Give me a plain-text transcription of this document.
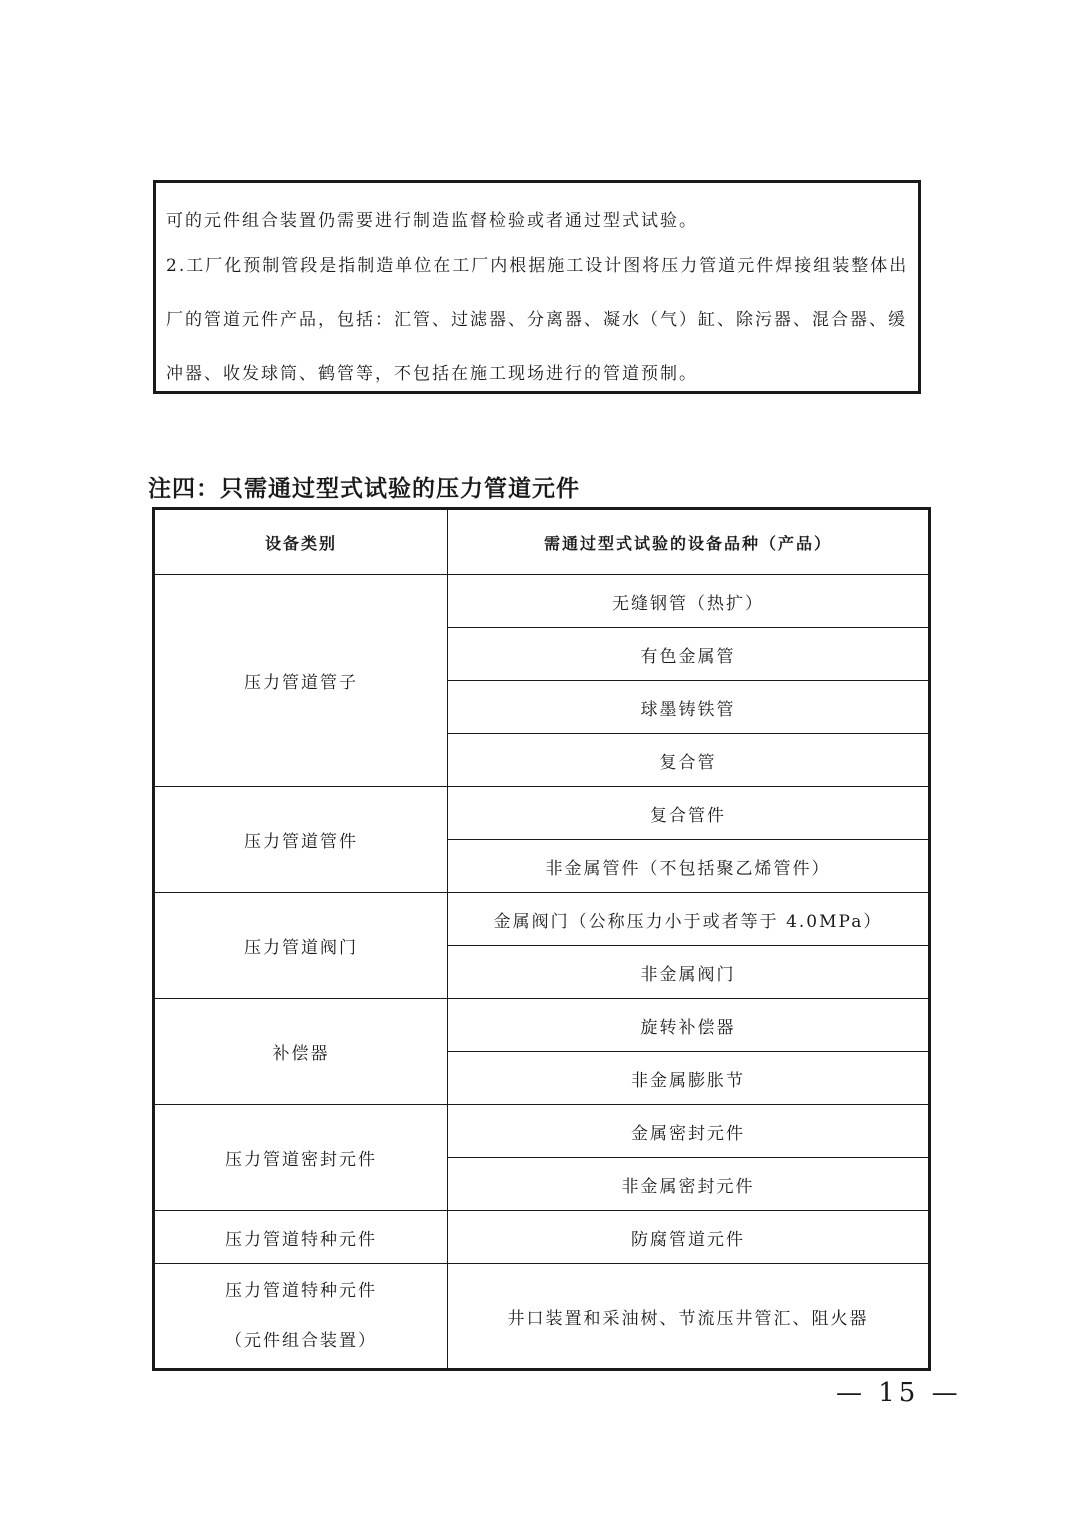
可的元件组合装置仍需要进行制造监督检验或者通过型式试验。

2.工厂化预制管段是指制造单位在工厂内根据施工设计图将压力管道元件焊接组装整体出

厂的管道元件产品，包括：汇管、过滤器、分离器、凝水（气）缸、除污器、混合器、缓

冲器、收发球筒、鹤管等，不包括在施工现场进行的管道预制。

注四：只需通过型式试验的压力管道元件
设备类别	需通过型式试验的设备品种（产品）
压力管道管子	无缝钢管（热扩）
	有色金属管
	球墨铸铁管
	复合管
压力管道管件	复合管件
	非金属管件（不包括聚乙烯管件）
压力管道阀门	金属阀门（公称压力小于或者等于 4.0MPa）
	非金属阀门
补偿器	旋转补偿器
	非金属膨胀节
压力管道密封元件	金属密封元件
	非金属密封元件
压力管道特种元件	防腐管道元件

压力管道特种元件
（元件组合装置）	井口装置和采油树、节流压井管汇、阻火器
— 15 —
